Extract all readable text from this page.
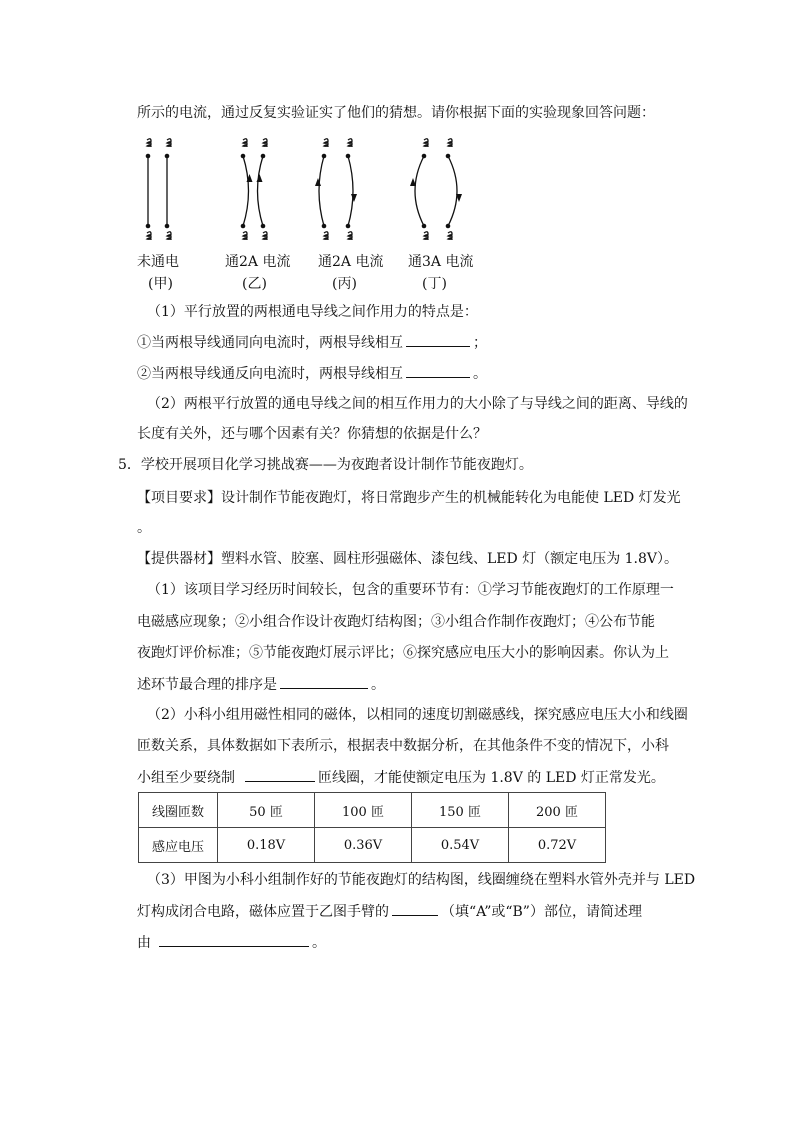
所示的电流，通过反复实验证实了他们的猜想。请你根据下面的实验现象回答问题：
未通电
(甲)
通2A 电流
(乙)
通2A 电流
(丙)
通3A 电流
(丁)
（1）平行放置的两根通电导线之间作用力的特点是：
①当两根导线通同向电流时，两根导线相互	；
②当两根导线通反向电流时，两根导线相互	。
（2）两根平行放置的通电导线之间的相互作用力的大小除了与导线之间的距离、导线的
长度有关外，还与哪个因素有关？你猜想的依据是什么？
5．学校开展项目化学习挑战赛——为夜跑者设计制作节能夜跑灯。
【项目要求】设计制作节能夜跑灯，将日常跑步产生的机械能转化为电能使 LED 灯发光
。
【提供器材】塑料水管、胶塞、圆柱形强磁体、漆包线、LED 灯（额定电压为 1.8V）。
（1）该项目学习经历时间较长，包含的重要环节有：①学习节能夜跑灯的工作原理一
电磁感应现象；②小组合作设计夜跑灯结构图；③小组合作制作夜跑灯；④公布节能
夜跑灯评价标准；⑤节能夜跑灯展示评比；⑥探究感应电压大小的影响因素。你认为上
述环节最合理的排序是	。
（2）小科小组用磁性相同的磁体，以相同的速度切割磁感线，探究感应电压大小和线圈
匝数关系，具体数据如下表所示，根据表中数据分析，在其他条件不变的情况下，小科
小组至少要绕制	匝线圈，才能使额定电压为 1.8V 的 LED 灯正常发光。
线圈匝数	50 匝	100 匝	150 匝	200 匝
感应电压	0.18V	0.36V	0.54V	0.72V
（3）甲图为小科小组制作好的节能夜跑灯的结构图，线圈缠绕在塑料水管外壳并与 LED
灯构成闭合电路，磁体应置于乙图手臂的	（填“A”或“B”）部位，请简述理
由	。
